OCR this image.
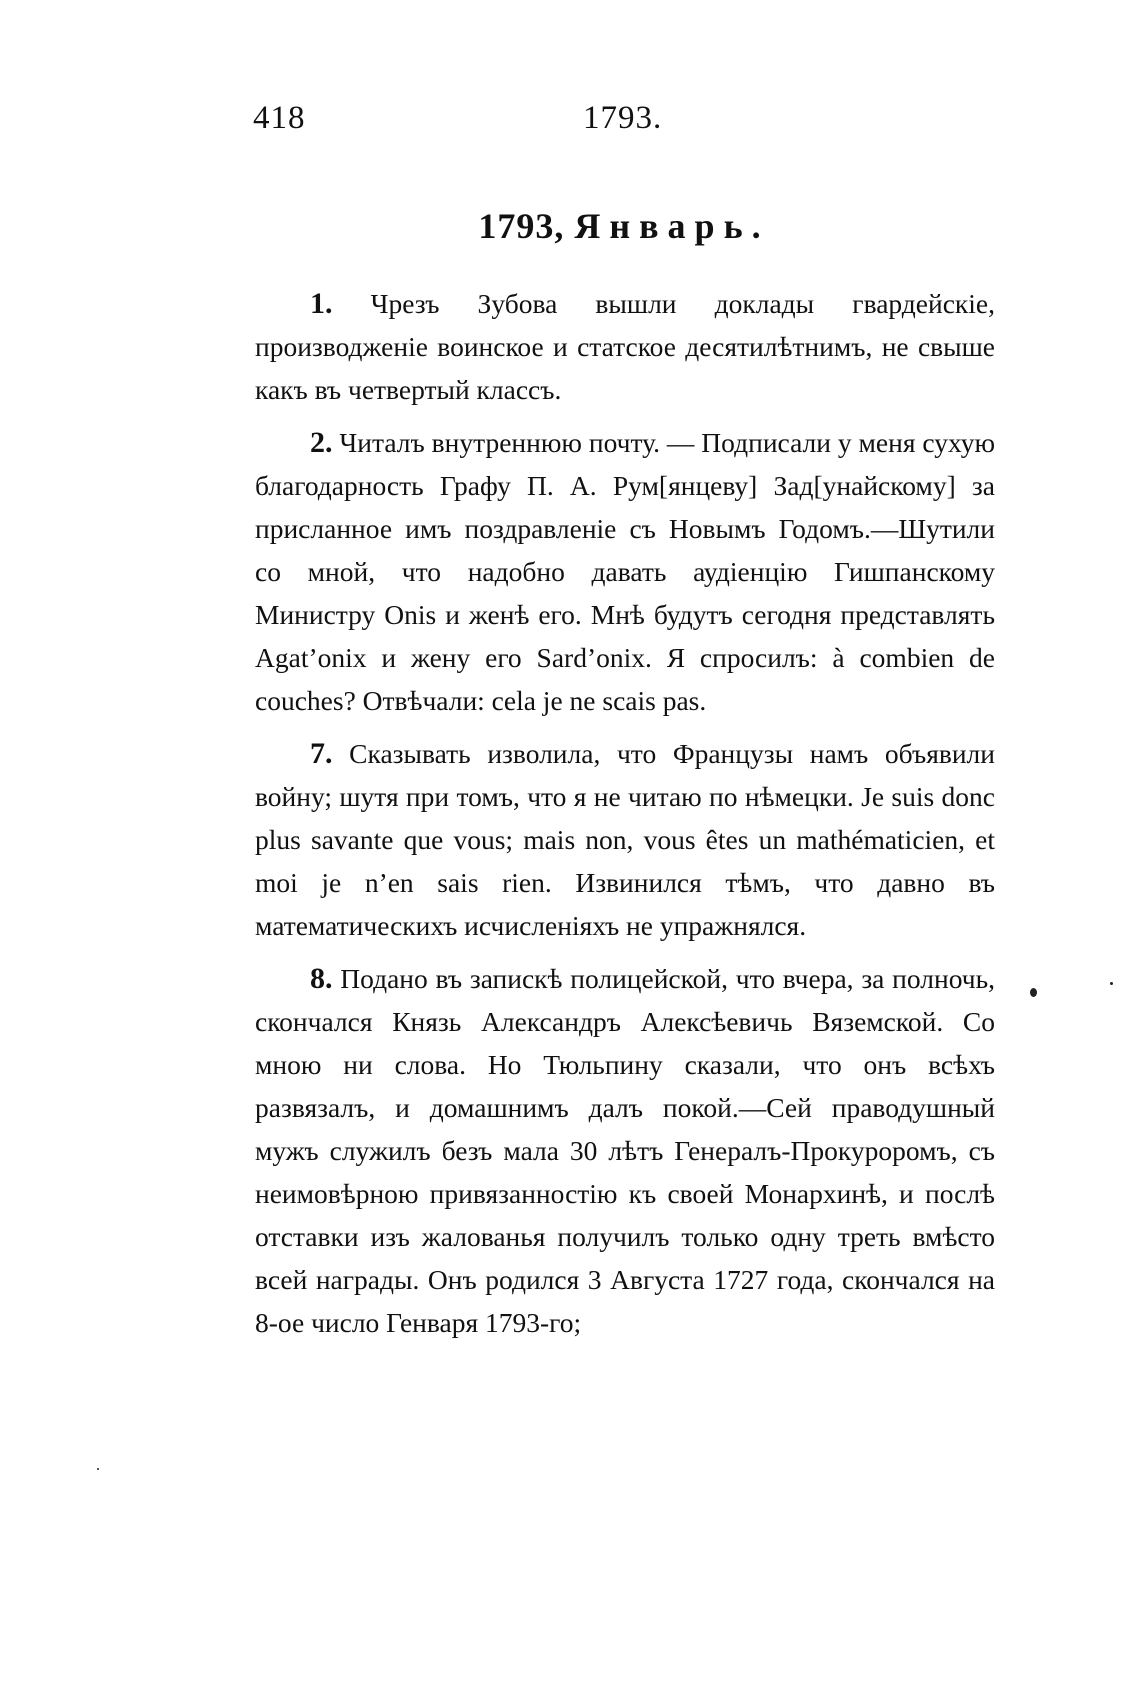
418	1793.
1793, Январь.

1. Чрезъ Зубова вышли доклады гвардейскіе, производженіе воинское и статское десятилѣтнимъ, не свыше какъ въ четвертый классъ.

2. Читалъ внутреннюю почту. — Подписали у меня сухую благодарность Графу П. А. Рум[янцеву] Зад[унайскому] за присланное имъ поздравленіе съ Новымъ Годомъ.—Шутили со мной, что надобно давать аудіенцію Гишпанскому Министру Onis и женѣ его. Мнѣ будутъ сегодня представлять Agat’onix и жену его Sard’onix. Я спросилъ: à combien de couches? Отвѣчали: cela je ne scais pas.

7. Сказывать изволила, что Французы намъ объявили войну; шутя при томъ, что я не читаю по нѣмецки. Je suis donc plus savante que vous; mais non, vous êtes un mathématicien, et moi je n’en sais rien. Извинился тѣмъ, что давно въ математическихъ исчисленіяхъ не упражнялся.

8. Подано въ запискѣ полицейской, что вчера, за полночь, скончался Князь Александръ Алексѣевичь Вяземской. Со мною ни слова. Но Тюльпину сказали, что онъ всѣхъ развязалъ, и домашнимъ далъ покой.—Сей праводушный мужъ служилъ безъ мала 30 лѣтъ Генералъ-Прокуроромъ, съ неимовѣрною привязанностію къ своей Монархинѣ, и послѣ отставки изъ жалованья получилъ только одну треть вмѣсто всей награды. Онъ родился 3 Августа 1727 года, скончался на 8-ое число Генваря 1793-го;
